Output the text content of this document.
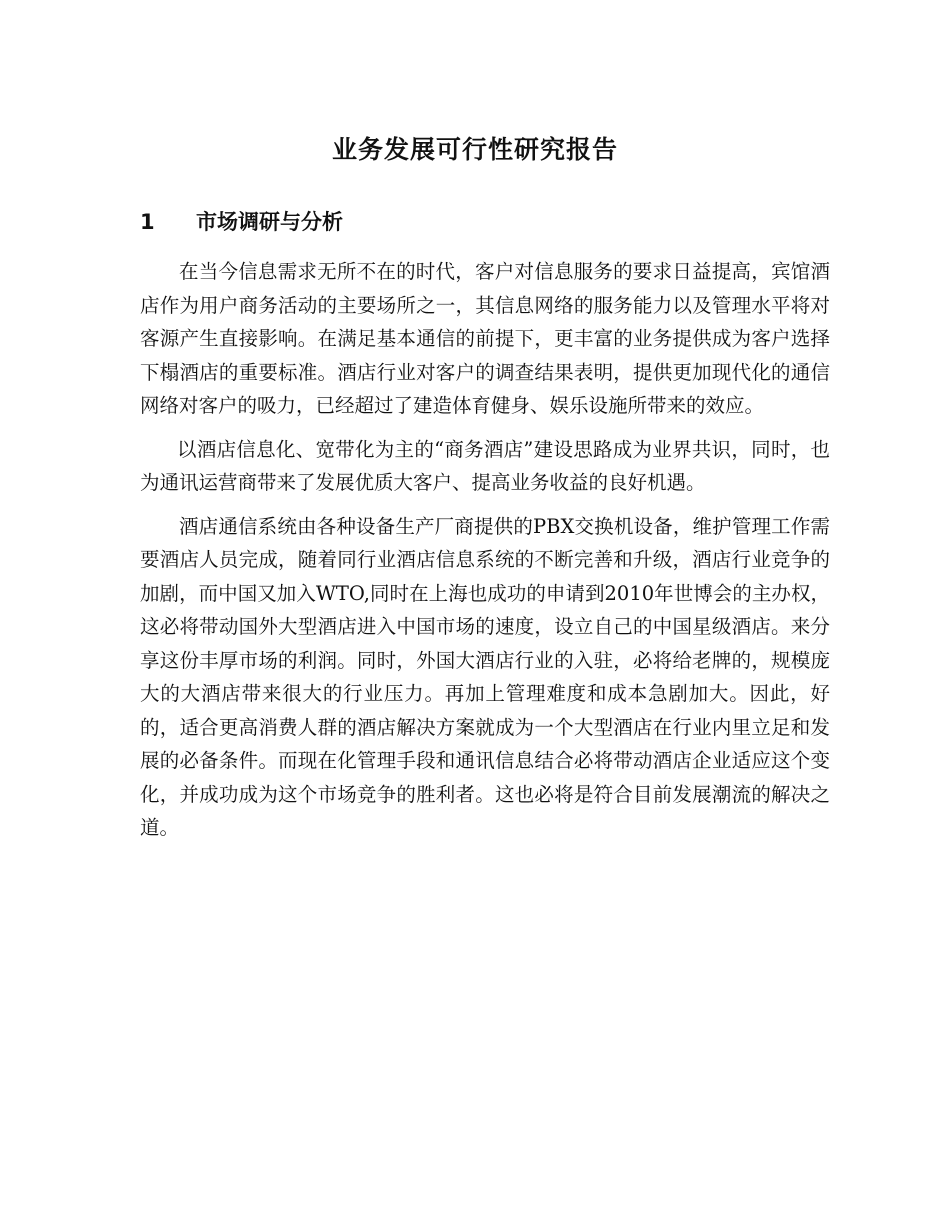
业务发展可行性研究报告
1 市场调研与分析

在当今信息需求无所不在的时代，客户对信息服务的要求日益提高，宾馆酒店作为用户商务活动的主要场所之一，其信息网络的服务能力以及管理水平将对客源产生直接影响。在满足基本通信的前提下，更丰富的业务提供成为客户选择下榻酒店的重要标准。酒店行业对客户的调查结果表明，提供更加现代化的通信网络对客户的吸力，已经超过了建造体育健身、娱乐设施所带来的效应。

以酒店信息化、宽带化为主的“商务酒店”建设思路成为业界共识，同时，也为通讯运营商带来了发展优质大客户、提高业务收益的良好机遇。

酒店通信系统由各种设备生产厂商提供的PBX交换机设备，维护管理工作需要酒店人员完成，随着同行业酒店信息系统的不断完善和升级，酒店行业竞争的加剧，而中国又加入WTO,同时在上海也成功的申请到2010年世博会的主办权，这必将带动国外大型酒店进入中国市场的速度，设立自己的中国星级酒店。来分享这份丰厚市场的利润。同时，外国大酒店行业的入驻，必将给老牌的，规模庞大的大酒店带来很大的行业压力。再加上管理难度和成本急剧加大。因此，好的，适合更高消费人群的酒店解决方案就成为一个大型酒店在行业内里立足和发展的必备条件。而现在化管理手段和通讯信息结合必将带动酒店企业适应这个变化，并成功成为这个市场竞争的胜利者。这也必将是符合目前发展潮流的解决之道。
